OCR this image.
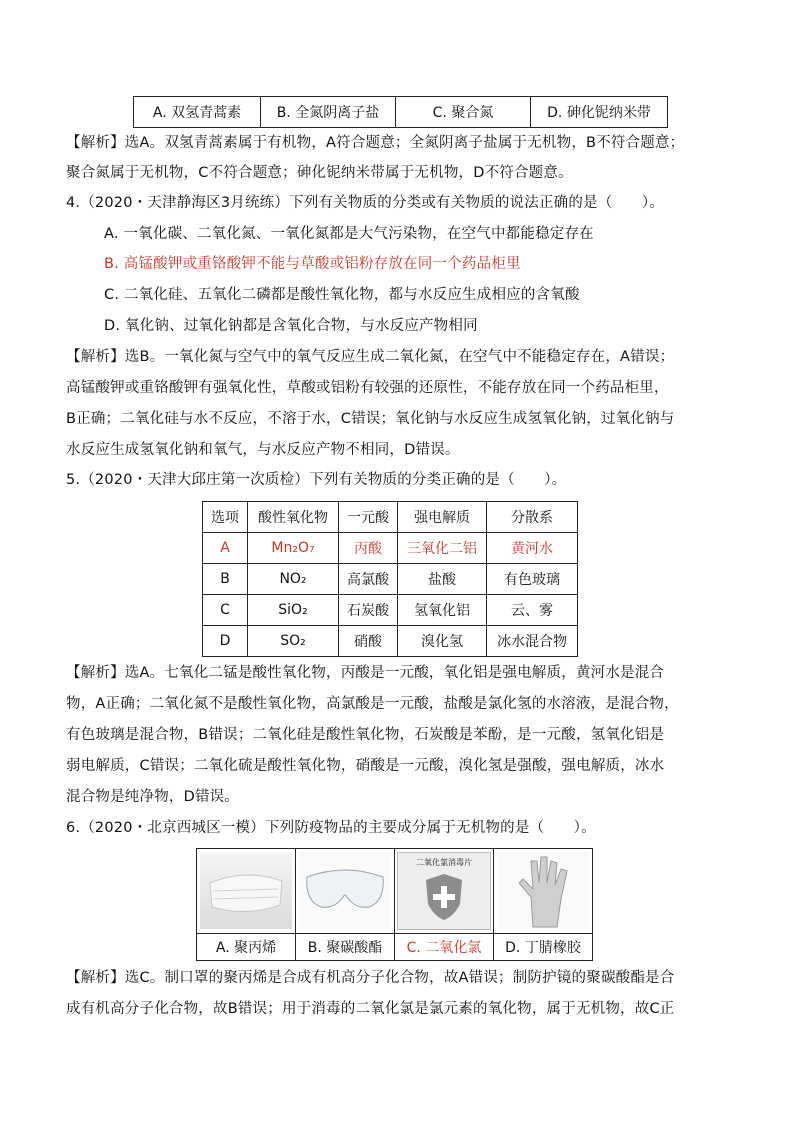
A. 双氢青蒿素	B. 全氮阴离子盐	C. 聚合氮	D. 砷化铌纳米带
【解析】选A。双氢青蒿素属于有机物，A符合题意；全氮阴离子盐属于无机物，B不符合题意；
聚合氮属于无机物，C不符合题意；砷化铌纳米带属于无机物，D不符合题意。
4.（2020・天津静海区3月统练）下列有关物质的分类或有关物质的说法正确的是（　　）。
A. 一氧化碳、二氧化氮、一氧化氮都是大气污染物，在空气中都能稳定存在
B. 高锰酸钾或重铬酸钾不能与草酸或铝粉存放在同一个药品柜里
C. 二氧化硅、五氧化二磷都是酸性氧化物，都与水反应生成相应的含氧酸
D. 氧化钠、过氧化钠都是含氧化合物，与水反应产物相同
【解析】选B。一氧化氮与空气中的氧气反应生成二氧化氮，在空气中不能稳定存在，A错误；
高锰酸钾或重铬酸钾有强氧化性，草酸或铝粉有较强的还原性，不能存放在同一个药品柜里，
B正确；二氧化硅与水不反应，不溶于水，C错误；氧化钠与水反应生成氢氧化钠，过氧化钠与
水反应生成氢氧化钠和氧气，与水反应产物不相同，D错误。
5.（2020・天津大邱庄第一次质检）下列有关物质的分类正确的是（　　）。
选项	酸性氧化物	一元酸	强电解质	分散系
A	Mn₂O₇	丙酸	三氧化二铝	黄河水
B	NO₂	高氯酸	盐酸	有色玻璃
C	SiO₂	石炭酸	氢氧化铝	云、雾
D	SO₂	硝酸	溴化氢	冰水混合物
【解析】选A。七氧化二锰是酸性氧化物，丙酸是一元酸，氧化铝是强电解质，黄河水是混合
物，A正确；二氧化氮不是酸性氧化物，高氯酸是一元酸，盐酸是氯化氢的水溶液，是混合物，
有色玻璃是混合物，B错误；二氧化硅是酸性氧化物，石炭酸是苯酚，是一元酸，氢氧化铝是
弱电解质，C错误；二氧化硫是酸性氧化物，硝酸是一元酸，溴化氢是强酸，强电解质，冰水
混合物是纯净物，D错误。
6.（2020・北京西城区一模）下列防疫物品的主要成分属于无机物的是（　　）。

二氧化氯消毒片

A. 聚丙烯	B. 聚碳酸酯	C. 二氧化氯	D. 丁腈橡胶
【解析】选C。制口罩的聚丙烯是合成有机高分子化合物，故A错误；制防护镜的聚碳酸酯是合
成有机高分子化合物，故B错误；用于消毒的二氧化氯是氯元素的氧化物，属于无机物，故C正
